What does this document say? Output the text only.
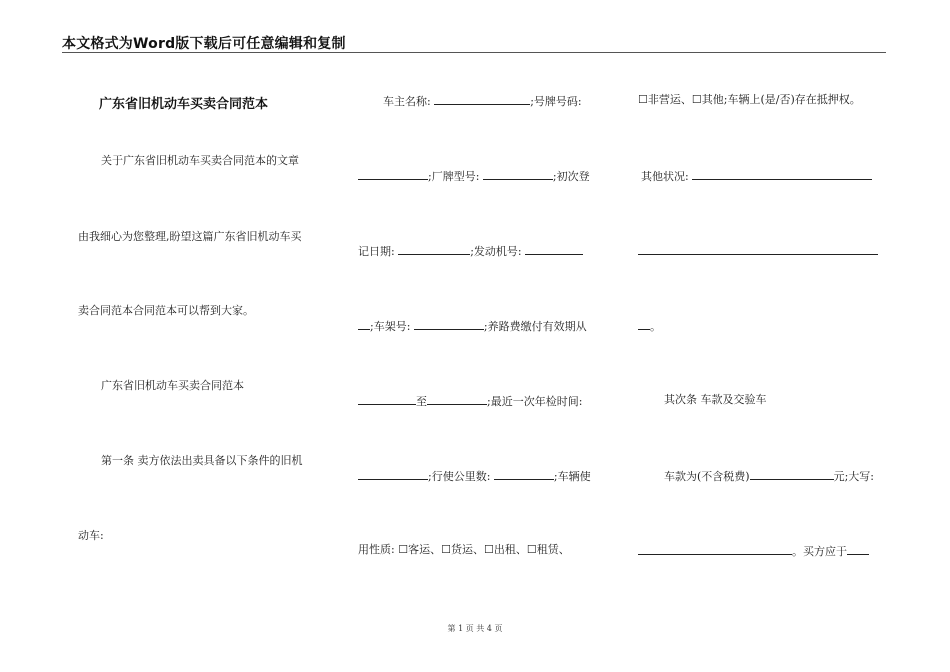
本文格式为Word版下载后可任意编辑和复制
广东省旧机动车买卖合同范本
关于广东省旧机动车买卖合同范本的文章
由我细心为您整理,盼望这篇广东省旧机动车买
卖合同范本合同范本可以帮到大家。
广东省旧机动车买卖合同范本
第一条 卖方依法出卖具备以下条件的旧机
动车:
车主名称:	;号牌号码:
;厂牌型号:	;初次登
记日期:	;发动机号:
;车架号:	;养路费缴付有效期从
至	;最近一次年检时间:
;行使公里数:	;车辆使
用性质: ☐客运、☐货运、☐出租、☐租赁、
☐非营运、☐其他;车辆上(是/否)存在抵押权。
其他状况:
。
其次条 车款及交验车
车款为(不含税费)	元;大写:
。买方应于
第 1 页 共 4 页
